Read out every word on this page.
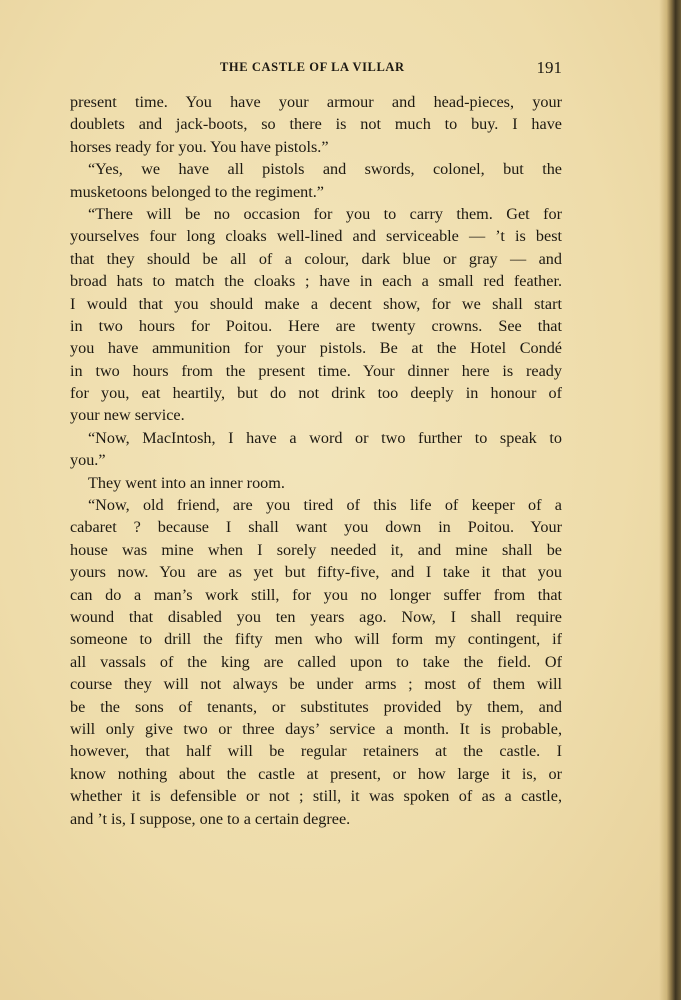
THE CASTLE OF LA VILLAR	191
present time. You have your armour and head-pieces, your
doublets and jack-boots, so there is not much to buy. I have
horses ready for you. You have pistols.”
“Yes, we have all pistols and swords, colonel, but the
musketoons belonged to the regiment.”
“There will be no occasion for you to carry them. Get for
yourselves four long cloaks well-lined and serviceable — ’t is best
that they should be all of a colour, dark blue or gray — and
broad hats to match the cloaks ; have in each a small red feather.
I would that you should make a decent show, for we shall start
in two hours for Poitou. Here are twenty crowns. See that
you have ammunition for your pistols. Be at the Hotel Condé
in two hours from the present time. Your dinner here is ready
for you, eat heartily, but do not drink too deeply in honour of
your new service.
“Now, MacIntosh, I have a word or two further to speak to
you.”
They went into an inner room.
“Now, old friend, are you tired of this life of keeper of a
cabaret ? because I shall want you down in Poitou. Your
house was mine when I sorely needed it, and mine shall be
yours now. You are as yet but fifty-five, and I take it that you
can do a man’s work still, for you no longer suffer from that
wound that disabled you ten years ago. Now, I shall require
someone to drill the fifty men who will form my contingent, if
all vassals of the king are called upon to take the field. Of
course they will not always be under arms ; most of them will
be the sons of tenants, or substitutes provided by them, and
will only give two or three days’ service a month. It is probable,
however, that half will be regular retainers at the castle. I
know nothing about the castle at present, or how large it is, or
whether it is defensible or not ; still, it was spoken of as a castle,
and ’t is, I suppose, one to a certain degree.
